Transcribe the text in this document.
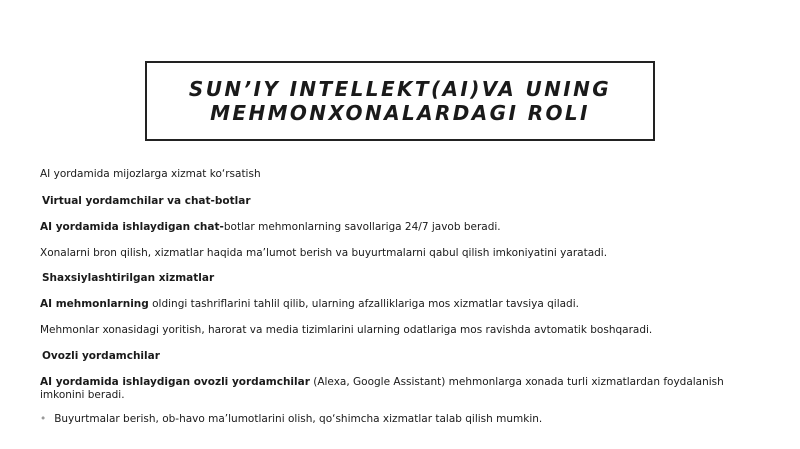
SUN’IY INTELLEKT(AI)VA UNING
MEHMONXONALARDAGI ROLI

AI yordamida mijozlarga xizmat ko‘rsatish

Virtual yordamchilar va chat-botlar

AI yordamida ishlaydigan chat-botlar mehmonlarning savollariga 24/7 javob beradi.

Xonalarni bron qilish, xizmatlar haqida ma’lumot berish va buyurtmalarni qabul qilish imkoniyatini yaratadi.

Shaxsiylashtirilgan xizmatlar

AI mehmonlarning oldingi tashriflarini tahlil qilib, ularning afzalliklariga mos xizmatlar tavsiya qiladi.

Mehmonlar xonasidagi yoritish, harorat va media tizimlarini ularning odatlariga mos ravishda avtomatik boshqaradi.

Ovozli yordamchilar

AI yordamida ishlaydigan ovozli yordamchilar (Alexa, Google Assistant) mehmonlarga xonada turli xizmatlardan foydalanish imkonini beradi.

• Buyurtmalar berish, ob-havo ma’lumotlarini olish, qo‘shimcha xizmatlar talab qilish mumkin.
